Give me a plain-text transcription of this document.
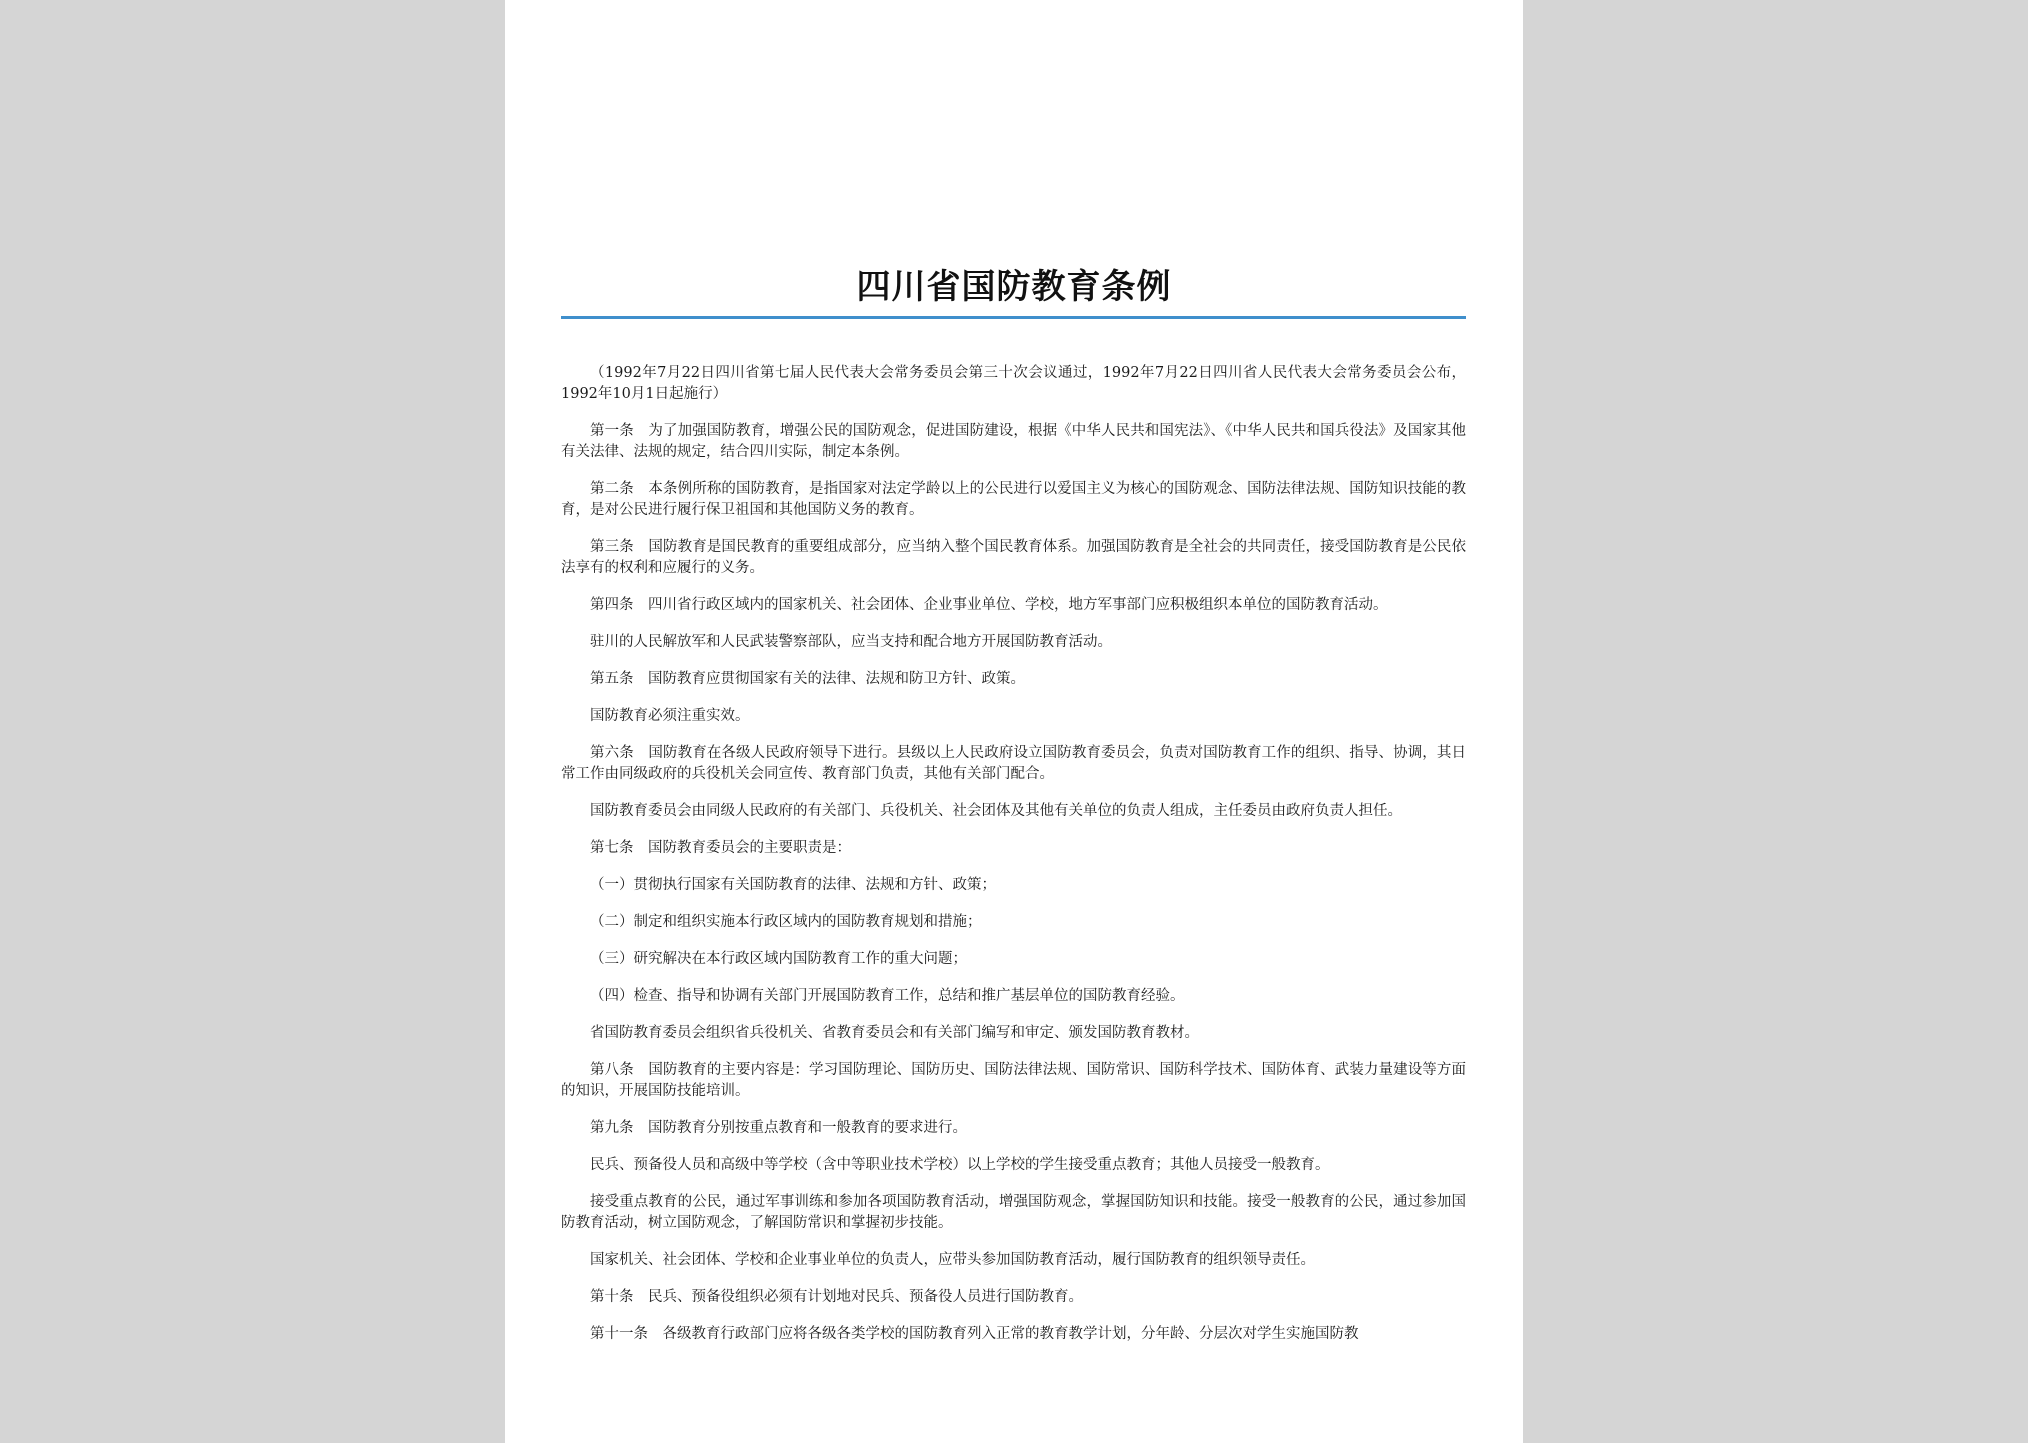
四川省国防教育条例

（1992年7月22日四川省第七届人民代表大会常务委员会第三十次会议通过，1992年7月22日四川省人民代表大会常务委员会公布，1992年10月1日起施行）

第一条　为了加强国防教育，增强公民的国防观念，促进国防建设，根据《中华人民共和国宪法》、《中华人民共和国兵役法》及国家其他有关法律、法规的规定，结合四川实际，制定本条例。

第二条　本条例所称的国防教育，是指国家对法定学龄以上的公民进行以爱国主义为核心的国防观念、国防法律法规、国防知识技能的教育，是对公民进行履行保卫祖国和其他国防义务的教育。

第三条　国防教育是国民教育的重要组成部分，应当纳入整个国民教育体系。加强国防教育是全社会的共同责任，接受国防教育是公民依法享有的权利和应履行的义务。

第四条　四川省行政区域内的国家机关、社会团体、企业事业单位、学校，地方军事部门应积极组织本单位的国防教育活动。

驻川的人民解放军和人民武装警察部队，应当支持和配合地方开展国防教育活动。

第五条　国防教育应贯彻国家有关的法律、法规和防卫方针、政策。

国防教育必须注重实效。

第六条　国防教育在各级人民政府领导下进行。县级以上人民政府设立国防教育委员会，负责对国防教育工作的组织、指导、协调，其日常工作由同级政府的兵役机关会同宣传、教育部门负责，其他有关部门配合。

国防教育委员会由同级人民政府的有关部门、兵役机关、社会团体及其他有关单位的负责人组成，主任委员由政府负责人担任。

第七条　国防教育委员会的主要职责是：

（一）贯彻执行国家有关国防教育的法律、法规和方针、政策；

（二）制定和组织实施本行政区域内的国防教育规划和措施；

（三）研究解决在本行政区域内国防教育工作的重大问题；

（四）检查、指导和协调有关部门开展国防教育工作，总结和推广基层单位的国防教育经验。

省国防教育委员会组织省兵役机关、省教育委员会和有关部门编写和审定、颁发国防教育教材。

第八条　国防教育的主要内容是：学习国防理论、国防历史、国防法律法规、国防常识、国防科学技术、国防体育、武装力量建设等方面的知识，开展国防技能培训。

第九条　国防教育分别按重点教育和一般教育的要求进行。

民兵、预备役人员和高级中等学校（含中等职业技术学校）以上学校的学生接受重点教育；其他人员接受一般教育。

接受重点教育的公民，通过军事训练和参加各项国防教育活动，增强国防观念，掌握国防知识和技能。接受一般教育的公民，通过参加国防教育活动，树立国防观念，了解国防常识和掌握初步技能。

国家机关、社会团体、学校和企业事业单位的负责人，应带头参加国防教育活动，履行国防教育的组织领导责任。

第十条　民兵、预备役组织必须有计划地对民兵、预备役人员进行国防教育。

第十一条　各级教育行政部门应将各级各类学校的国防教育列入正常的教育教学计划，分年龄、分层次对学生实施国防教
